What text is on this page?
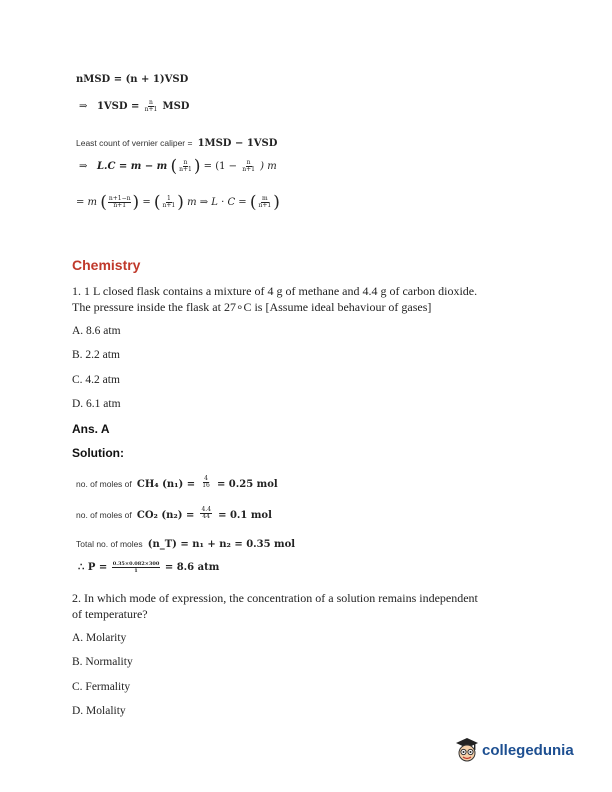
nMSD = (n + 1)VSD
⇒ $1VSD = \frac{n}{n+1}$ MSD
Least count of vernier caliper = 1MSD − 1VSD
⇒ L.C = m − m ( $\frac{n}{n+1}$ ) = ($1 - \frac{n}{n+1}$ ) m
= m ( $\frac{n+1-n}{n+1}$ ) = ( $\frac{1}{n+1}$ ) m ⇒ L · C = ( $\frac{m}{n+1}$ )
Chemistry
1. 1 L closed flask contains a mixture of 4 g of methane and 4.4 g of carbon dioxide.
The pressure inside the flask at 27∘C is [Assume ideal behaviour of gases]
A. 8.6 atm
B. 2.2 atm
C. 4.2 atm
D. 6.1 atm
Ans. A
Solution:
no. of moles of CH₄ $(n_1) = \frac{4}{16} = 0.25$ mol
no. of moles of CO₂ $(n_2) = \frac{4.4}{44} = 0.1$ mol
Total no. of moles (n_T) = n₁ + n₂ = 0.35 mol
∴ $P = \frac{0.35\times 0.082\times 300}{1} = 8.6$ atm
2. In which mode of expression, the concentration of a solution remains independent
of temperature?
A. Molarity
B. Normality
C. Fermality
D. Molality
collegedunia
